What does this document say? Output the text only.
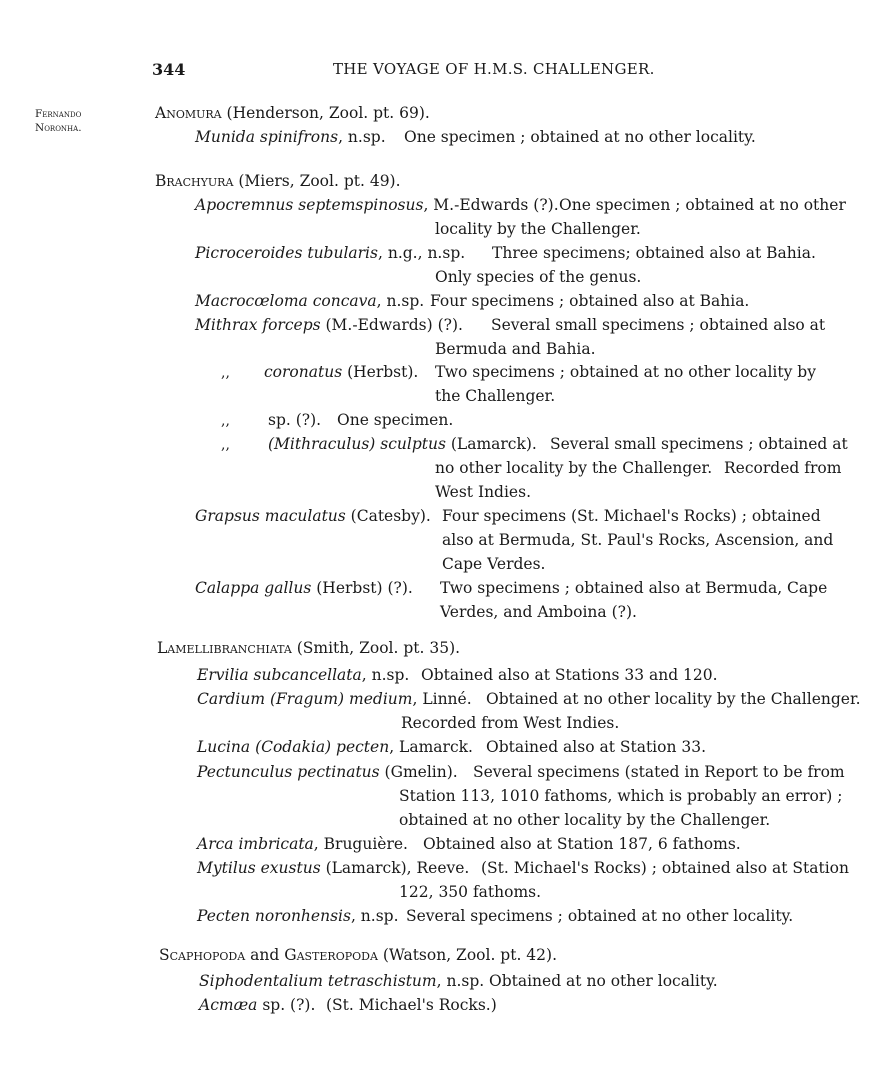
344	THE VOYAGE OF H.M.S. CHALLENGER.
Fernando
Noronha.
Anomura (Henderson, Zool. pt. 69).
Munida spinifrons, n.sp. One specimen ; obtained at no other locality.
Brachyura (Miers, Zool. pt. 49).
Apocremnus septemspinosus, M.-Edwards (?). One specimen ; obtained at no other
locality by the Challenger.
Picroceroides tubularis, n.g., n.sp. Three specimens; obtained also at Bahia.
Only species of the genus.
Macrocœloma concava, n.sp. Four specimens ; obtained also at Bahia.
Mithrax forceps (M.-Edwards) (?). Several small specimens ; obtained also at
Bermuda and Bahia.
,, coronatus (Herbst). Two specimens ; obtained at no other locality by
the Challenger.
,, sp. (?). One specimen.
,, (Mithraculus) sculptus (Lamarck). Several small specimens ; obtained at
no other locality by the Challenger. Recorded from
West Indies.
Grapsus maculatus (Catesby). Four specimens (St. Michael's Rocks) ; obtained
also at Bermuda, St. Paul's Rocks, Ascension, and
Cape Verdes.
Calappa gallus (Herbst) (?). Two specimens ; obtained also at Bermuda, Cape
Verdes, and Amboina (?).
Lamellibranchiata (Smith, Zool. pt. 35).
Ervilia subcancellata, n.sp. Obtained also at Stations 33 and 120.
Cardium (Fragum) medium, Linné. Obtained at no other locality by the Challenger.
Recorded from West Indies.
Lucina (Codakia) pecten, Lamarck. Obtained also at Station 33.
Pectunculus pectinatus (Gmelin). Several specimens (stated in Report to be from
Station 113, 1010 fathoms, which is probably an error) ;
obtained at no other locality by the Challenger.
Arca imbricata, Bruguière. Obtained also at Station 187, 6 fathoms.
Mytilus exustus (Lamarck), Reeve. (St. Michael's Rocks) ; obtained also at Station
122, 350 fathoms.
Pecten noronhensis, n.sp. Several specimens ; obtained at no other locality.
Scaphopoda and Gasteropoda (Watson, Zool. pt. 42).
Siphodentalium tetraschistum, n.sp. Obtained at no other locality.
Acmæa sp. (?). (St. Michael's Rocks.)
